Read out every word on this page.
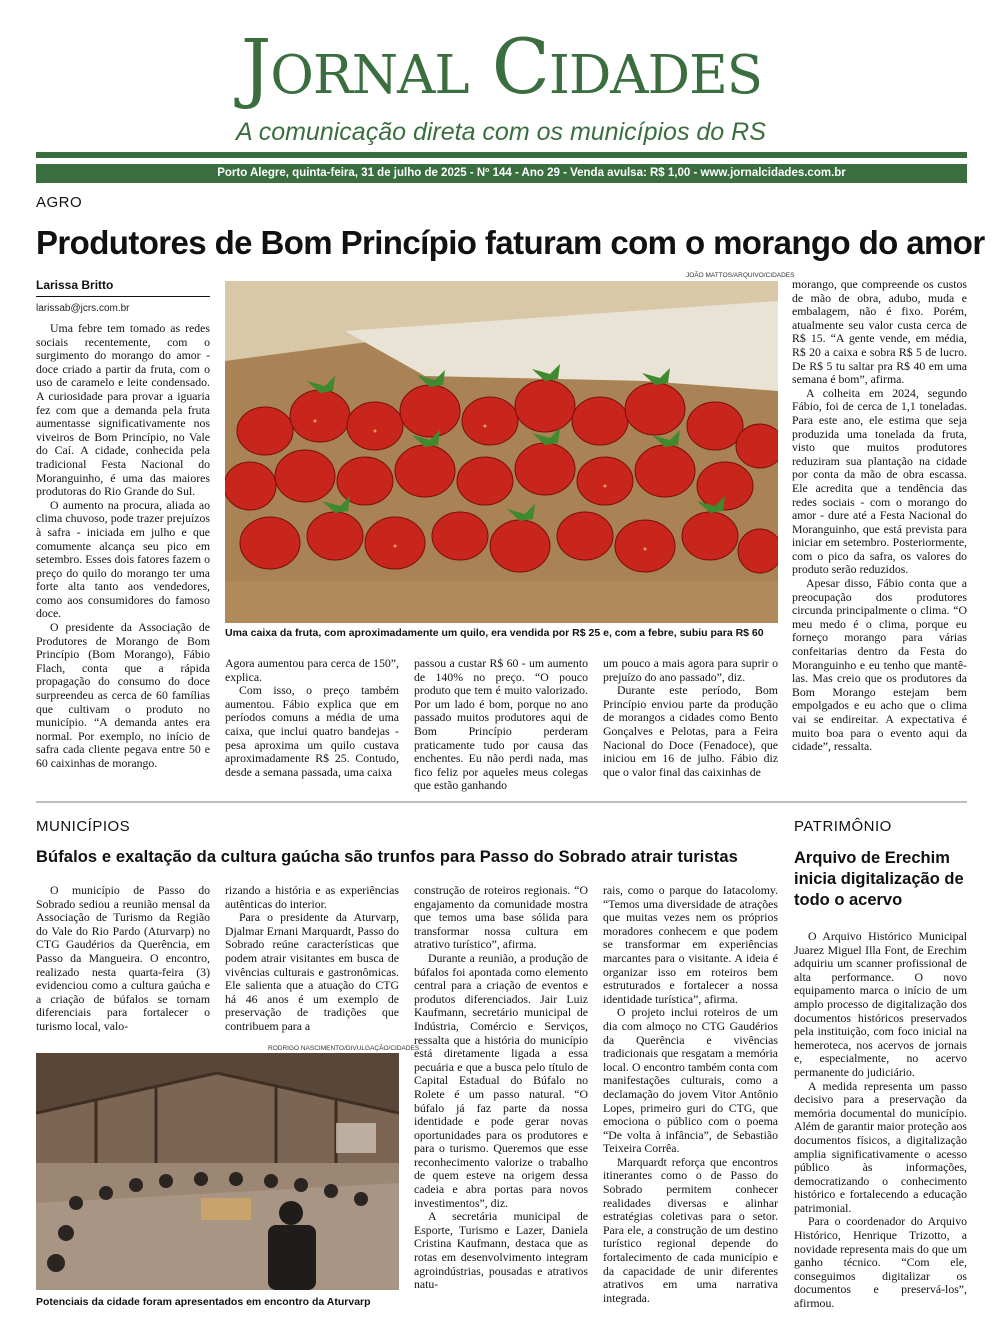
Jornal Cidades
A comunicação direta com os municípios do RS
Porto Alegre, quinta-feira, 31 de julho de 2025 - Nº 144 - Ano 29 - Venda avulsa: R$ 1,00 - www.jornalcidades.com.br
AGRO
Produtores de Bom Princípio faturam com o morango do amor
Larissa Britto
larissab@jcrs.com.br

Uma febre tem tomado as redes sociais recentemente, com o surgimento do morango do amor - doce criado a partir da fruta, com o uso de caramelo e leite condensado. A curiosidade para provar a iguaria fez com que a demanda pela fruta aumentasse significativamente nos viveiros de Bom Princípio, no Vale do Caí. A cidade, conhecida pela tradicional Festa Nacional do Moranguinho, é uma das maiores produtoras do Rio Grande do Sul.

O aumento na procura, aliada ao clima chuvoso, pode trazer prejuízos à safra - iniciada em julho e que comumente alcança seu pico em setembro. Esses dois fatores fazem o preço do quilo do morango ter uma forte alta tanto aos vendedores, como aos consumidores do famoso doce.

O presidente da Associação de Produtores de Morango de Bom Princípio (Bom Morango), Fábio Flach, conta que a rápida propagação do consumo do doce surpreendeu as cerca de 60 famílias que cultivam o produto no município. “A demanda antes era normal. Por exemplo, no início de safra cada cliente pegava entre 50 e 60 caixinhas de morango.

JOÃO MATTOS/ARQUIVO/CIDADES
Uma caixa da fruta, com aproximadamente um quilo, era vendida por R$ 25 e, com a febre, subiu para R$ 60

Agora aumentou para cerca de 150”, explica.

Com isso, o preço também aumentou. Fábio explica que em períodos comuns a média de uma caixa, que inclui quatro bandejas - pesa aproxima um quilo custava aproximadamente R$ 25. Contudo, desde a semana passada, uma caixa

passou a custar R$ 60 - um aumento de 140% no preço. “O pouco produto que tem é muito valorizado. Por um lado é bom, porque no ano passado muitos produtores aqui de Bom Princípio perderam praticamente tudo por causa das enchentes. Eu não perdi nada, mas fico feliz por aqueles meus colegas que estão ganhando

um pouco a mais agora para suprir o prejuízo do ano passado”, diz.

Durante este período, Bom Princípio enviou parte da produção de morangos a cidades como Bento Gonçalves e Pelotas, para a Feira Nacional do Doce (Fenadoce), que iniciou em 16 de julho. Fábio diz que o valor final das caixinhas de

morango, que compreende os custos de mão de obra, adubo, muda e embalagem, não é fixo. Porém, atualmente seu valor custa cerca de R$ 15. “A gente vende, em média, R$ 20 a caixa e sobra R$ 5 de lucro. De R$ 5 tu saltar pra R$ 40 em uma semana é bom”, afirma.

A colheita em 2024, segundo Fábio, foi de cerca de 1,1 toneladas. Para este ano, ele estima que seja produzida uma tonelada da fruta, visto que muitos produtores reduziram sua plantação na cidade por conta da mão de obra escassa. Ele acredita que a tendência das redes sociais - com o morango do amor - dure até a Festa Nacional do Moranguinho, que está prevista para iniciar em setembro. Posteriormente, com o pico da safra, os valores do produto serão reduzidos.

Apesar disso, Fábio conta que a preocupação dos produtores circunda principalmente o clima. “O meu medo é o clima, porque eu forneço morango para várias confeitarias dentro da Festa do Moranguinho e eu tenho que mantê-las. Mas creio que os produtores da Bom Morango estejam bem empolgados e eu acho que o clima vai se endireitar. A expectativa é muito boa para o evento aqui da cidade”, ressalta.

MUNICÍPIOS
Búfalos e exaltação da cultura gaúcha são trunfos para Passo do Sobrado atrair turistas

O município de Passo do Sobrado sediou a reunião mensal da Associação de Turismo da Região do Vale do Rio Pardo (Aturvarp) no CTG Gaudérios da Querência, em Passo da Mangueira. O encontro, realizado nesta quarta-feira (3) evidenciou como a cultura gaúcha e a criação de búfalos se tornam diferenciais para fortalecer o turismo local, valo-

rizando a história e as experiências autênticas do interior.

Para o presidente da Aturvarp, Djalmar Ernani Marquardt, Passo do Sobrado reúne características que podem atrair visitantes em busca de vivências culturais e gastronômicas. Ele salienta que a atuação do CTG há 46 anos é um exemplo de preservação de tradições que contribuem para a

RODRIGO NASCIMENTO/DIVULGAÇÃO/CIDADES
Potenciais da cidade foram apresentados em encontro da Aturvarp

construção de roteiros regionais. “O engajamento da comunidade mostra que temos uma base sólida para transformar nossa cultura em atrativo turístico”, afirma.

Durante a reunião, a produção de búfalos foi apontada como elemento central para a criação de eventos e produtos diferenciados. Jair Luiz Kaufmann, secretário municipal de Indústria, Comércio e Serviços, ressalta que a história do município está diretamente ligada a essa pecuária e que a busca pelo título de Capital Estadual do Búfalo no Rolete é um passo natural. “O búfalo já faz parte da nossa identidade e pode gerar novas oportunidades para os produtores e para o turismo. Queremos que esse reconhecimento valorize o trabalho de quem esteve na origem dessa cadeia e abra portas para novos investimentos”, diz.

A secretária municipal de Esporte, Turismo e Lazer, Daniela Cristina Kaufmann, destaca que as rotas em desenvolvimento integram agroindústrias, pousadas e atrativos natu-

rais, como o parque do Iatacolomy. “Temos uma diversidade de atrações que muitas vezes nem os próprios moradores conhecem e que podem se transformar em experiências marcantes para o visitante. A ideia é organizar isso em roteiros bem estruturados e fortalecer a nossa identidade turística”, afirma.

O projeto inclui roteiros de um dia com almoço no CTG Gaudérios da Querência e vivências tradicionais que resgatam a memória local. O encontro também conta com manifestações culturais, como a declamação do jovem Vitor Antônio Lopes, primeiro guri do CTG, que emociona o público com o poema “De volta à infância”, de Sebastião Teixeira Corrêa.

Marquardt reforça que encontros itinerantes como o de Passo do Sobrado permitem conhecer realidades diversas e alinhar estratégias coletivas para o setor. Para ele, a construção de um destino turístico regional depende do fortalecimento de cada município e da capacidade de unir diferentes atrativos em uma narrativa integrada.

PATRIMÔNIO
Arquivo de Erechim inicia digitalização de todo o acervo

O Arquivo Histórico Municipal Juarez Miguel Illa Font, de Erechim adquiriu um scanner profissional de alta performance. O novo equipamento marca o início de um amplo processo de digitalização dos documentos históricos preservados pela instituição, com foco inicial na hemeroteca, nos acervos de jornais e, especialmente, no acervo permanente do judiciário.

A medida representa um passo decisivo para a preservação da memória documental do município. Além de garantir maior proteção aos documentos físicos, a digitalização amplia significativamente o acesso público às informações, democratizando o conhecimento histórico e fortalecendo a educação patrimonial.

Para o coordenador do Arquivo Histórico, Henrique Trizotto, a novidade representa mais do que um ganho técnico. “Com ele, conseguimos digitalizar os documentos e preservá-los”, afirmou.
